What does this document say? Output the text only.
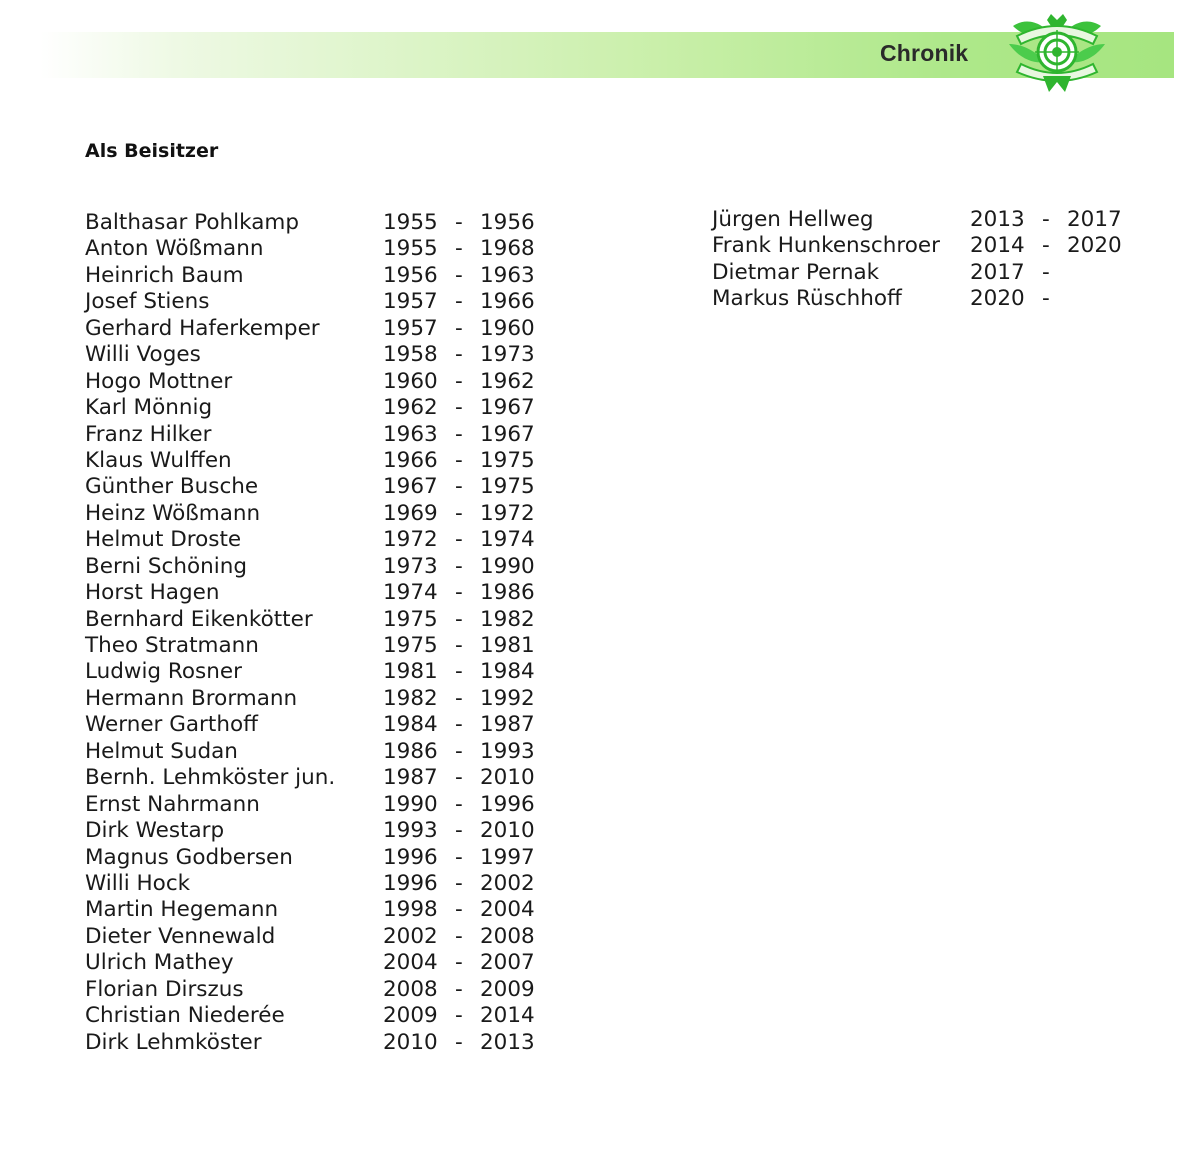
Chronik
Als Beisitzer
Balthasar Pohlkamp	1955 - 1956
Anton Wößmann	1955 - 1968
Heinrich Baum	1956 - 1963
Josef Stiens	1957 - 1966
Gerhard Haferkemper	1957 - 1960
Willi Voges	1958 - 1973
Hogo Mottner	1960 - 1962
Karl Mönnig	1962 - 1967
Franz Hilker	1963 - 1967
Klaus Wulffen	1966 - 1975
Günther Busche	1967 - 1975
Heinz Wößmann	1969 - 1972
Helmut Droste	1972 - 1974
Berni Schöning	1973 - 1990
Horst Hagen	1974 - 1986
Bernhard Eikenkötter	1975 - 1982
Theo Stratmann	1975 - 1981
Ludwig Rosner	1981 - 1984
Hermann Brormann	1982 - 1992
Werner Garthoff	1984 - 1987
Helmut Sudan	1986 - 1993
Bernh. Lehmköster jun. 1987 - 2010
Ernst Nahrmann	1990 - 1996
Dirk Westarp	1993 - 2010
Magnus Godbersen	1996 - 1997
Willi Hock	1996 - 2002
Martin Hegemann	1998 - 2004
Dieter Vennewald	2002 - 2008
Ulrich Mathey	2004 - 2007
Florian Dirszus	2008 - 2009
Christian Niederée	2009 - 2014
Dirk Lehmköster	2010 - 2013
Jürgen Hellweg	2013 - 2017
Frank Hunkenschroer 2014 - 2020
Dietmar Pernak	2017 -
Markus Rüschhoff	2020 -
